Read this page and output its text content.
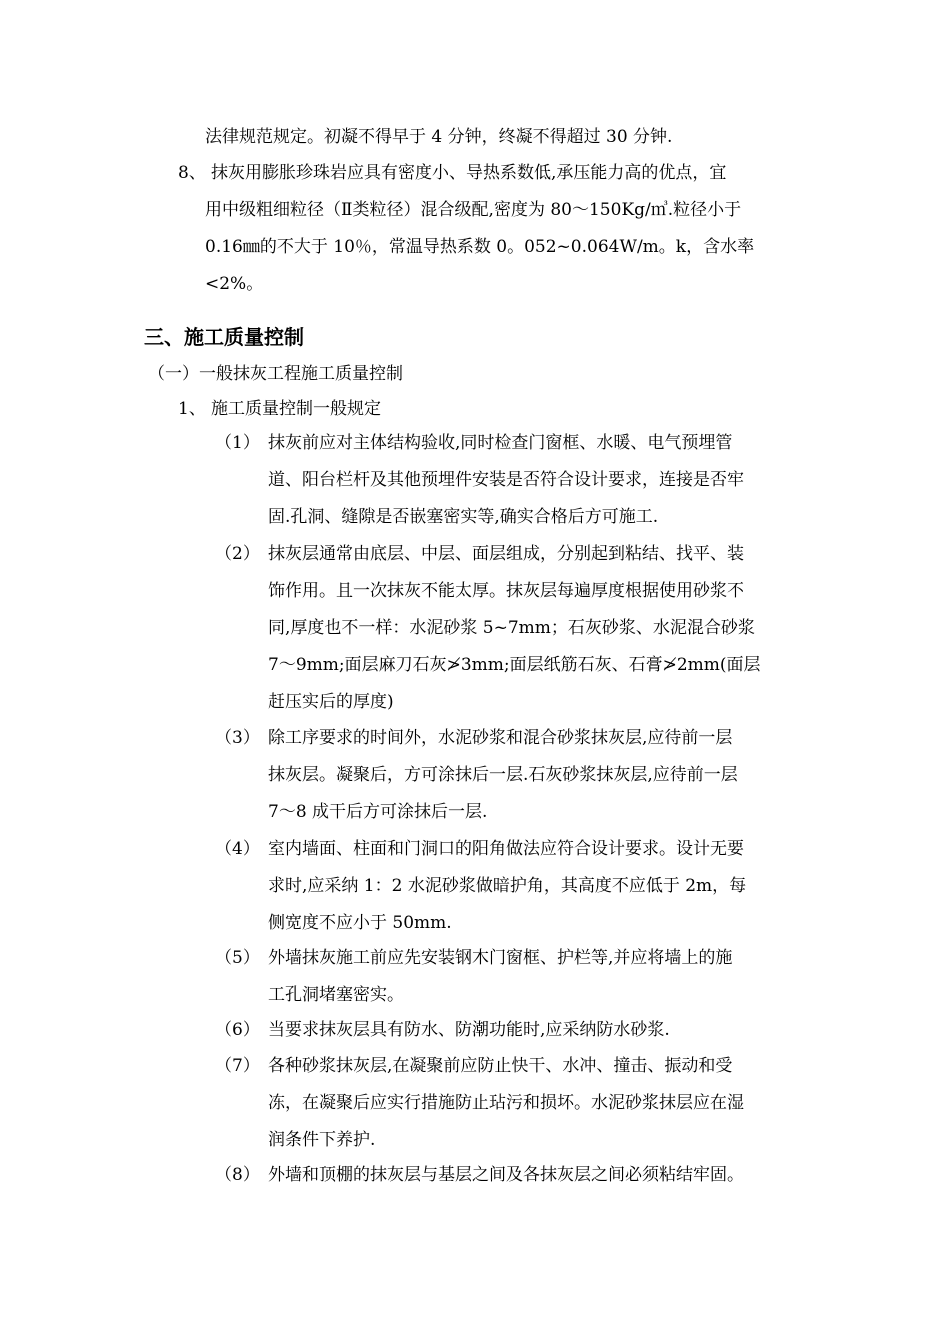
法律规范规定。初凝不得早于 4 分钟，终凝不得超过 30 分钟.
8、 抹灰用膨胀珍珠岩应具有密度小、导热系数低,承压能力高的优点，宜
用中级粗细粒径（Ⅱ类粒径）混合级配,密度为 80～150Kg/㎥.粒径小于
0.16㎜的不大于 10％，常温导热系数 0。052~0.064W/m。k，含水率
<2%。
三、施工质量控制
（一）一般抹灰工程施工质量控制
1、 施工质量控制一般规定
（1） 抹灰前应对主体结构验收,同时检查门窗框、水暖、电气预埋管
道、阳台栏杆及其他预埋件安装是否符合设计要求，连接是否牢
固.孔洞、缝隙是否嵌塞密实等,确实合格后方可施工.
（2） 抹灰层通常由底层、中层、面层组成，分别起到粘结、找平、装
饰作用。且一次抹灰不能太厚。抹灰层每遍厚度根据使用砂浆不
同,厚度也不一样：水泥砂浆 5~7mm；石灰砂浆、水泥混合砂浆
7～9mm;面层麻刀石灰≯3mm;面层纸筋石灰、石膏≯2mm(面层
赶压实后的厚度)
（3） 除工序要求的时间外，水泥砂浆和混合砂浆抹灰层,应待前一层
抹灰层。凝聚后，方可涂抹后一层.石灰砂浆抹灰层,应待前一层
7～8 成干后方可涂抹后一层.
（4） 室内墙面、柱面和门洞口的阳角做法应符合设计要求。设计无要
求时,应采纳 1：2 水泥砂浆做暗护角，其高度不应低于 2m，每
侧宽度不应小于 50mm.
（5） 外墙抹灰施工前应先安装钢木门窗框、护栏等,并应将墙上的施
工孔洞堵塞密实。
（6） 当要求抹灰层具有防水、防潮功能时,应采纳防水砂浆.
（7） 各种砂浆抹灰层,在凝聚前应防止快干、水冲、撞击、振动和受
冻，在凝聚后应实行措施防止玷污和损坏。水泥砂浆抹层应在湿
润条件下养护.
（8） 外墙和顶棚的抹灰层与基层之间及各抹灰层之间必须粘结牢固。
